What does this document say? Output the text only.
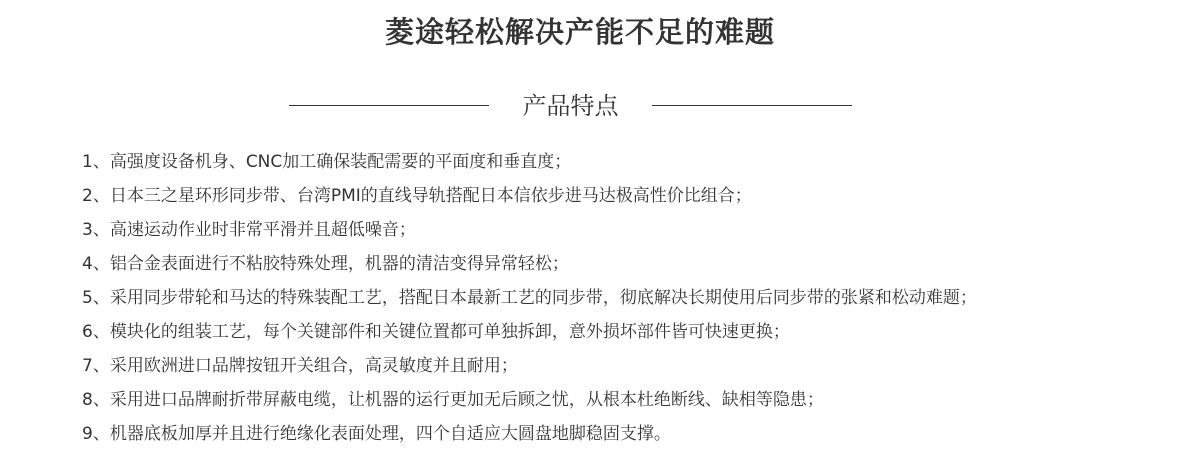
菱途轻松解决产能不足的难题
产品特点
1、高强度设备机身、CNC加工确保装配需要的平面度和垂直度；
2、日本三之星环形同步带、台湾PMI的直线导轨搭配日本信依步进马达极高性价比组合；
3、高速运动作业时非常平滑并且超低噪音；
4、铝合金表面进行不粘胶特殊处理，机器的清洁变得异常轻松；
5、采用同步带轮和马达的特殊装配工艺，搭配日本最新工艺的同步带，彻底解决长期使用后同步带的张紧和松动难题；
6、模块化的组装工艺，每个关键部件和关键位置都可单独拆卸，意外损坏部件皆可快速更换；
7、采用欧洲进口品牌按钮开关组合，高灵敏度并且耐用；
8、采用进口品牌耐折带屏蔽电缆，让机器的运行更加无后顾之忧，从根本杜绝断线、缺相等隐患；
9、机器底板加厚并且进行绝缘化表面处理，四个自适应大圆盘地脚稳固支撑。
